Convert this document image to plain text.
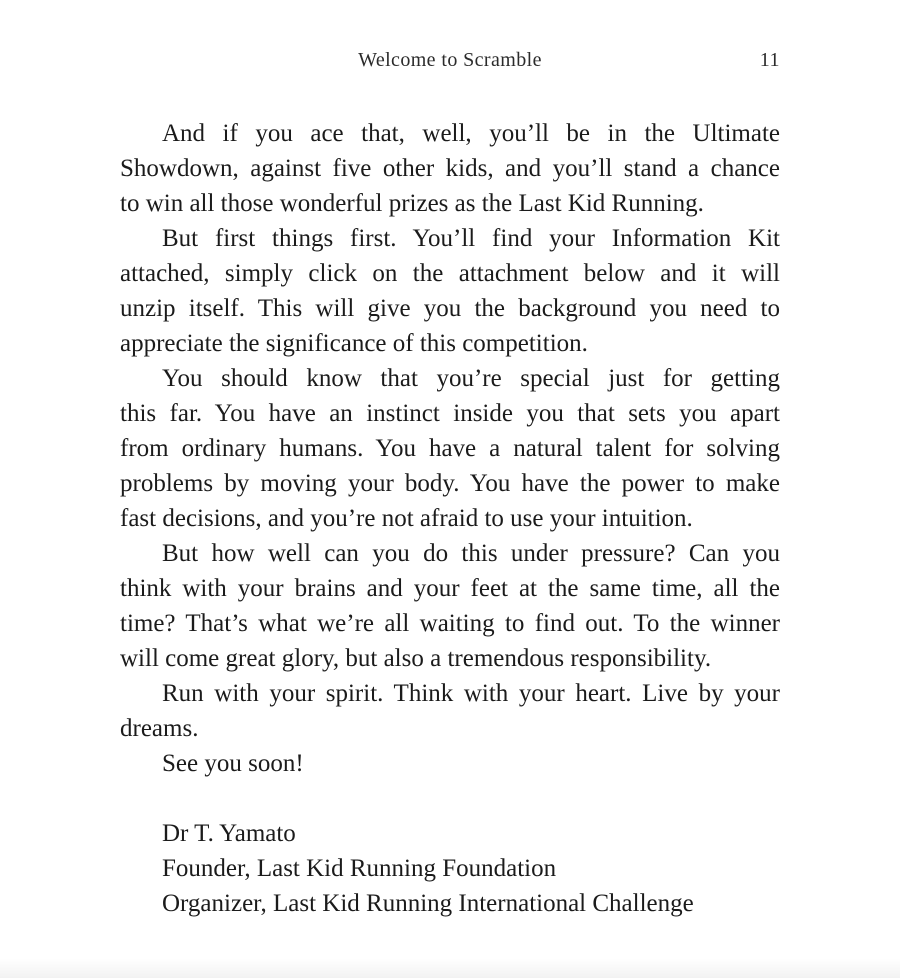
Welcome to Scramble	11
And if you ace that, well, you’ll be in the Ultimate
Showdown, against five other kids, and you’ll stand a chance
to win all those wonderful prizes as the Last Kid Running.
But first things first. You’ll find your Information Kit
attached, simply click on the attachment below and it will
unzip itself. This will give you the background you need to
appreciate the significance of this competition.
You should know that you’re special just for getting
this far. You have an instinct inside you that sets you apart
from ordinary humans. You have a natural talent for solving
problems by moving your body. You have the power to make
fast decisions, and you’re not afraid to use your intuition.
But how well can you do this under pressure? Can you
think with your brains and your feet at the same time, all the
time? That’s what we’re all waiting to find out. To the winner
will come great glory, but also a tremendous responsibility.
Run with your spirit. Think with your heart. Live by your
dreams.
See you soon!
Dr T. Yamato
Founder, Last Kid Running Foundation
Organizer, Last Kid Running International Challenge
